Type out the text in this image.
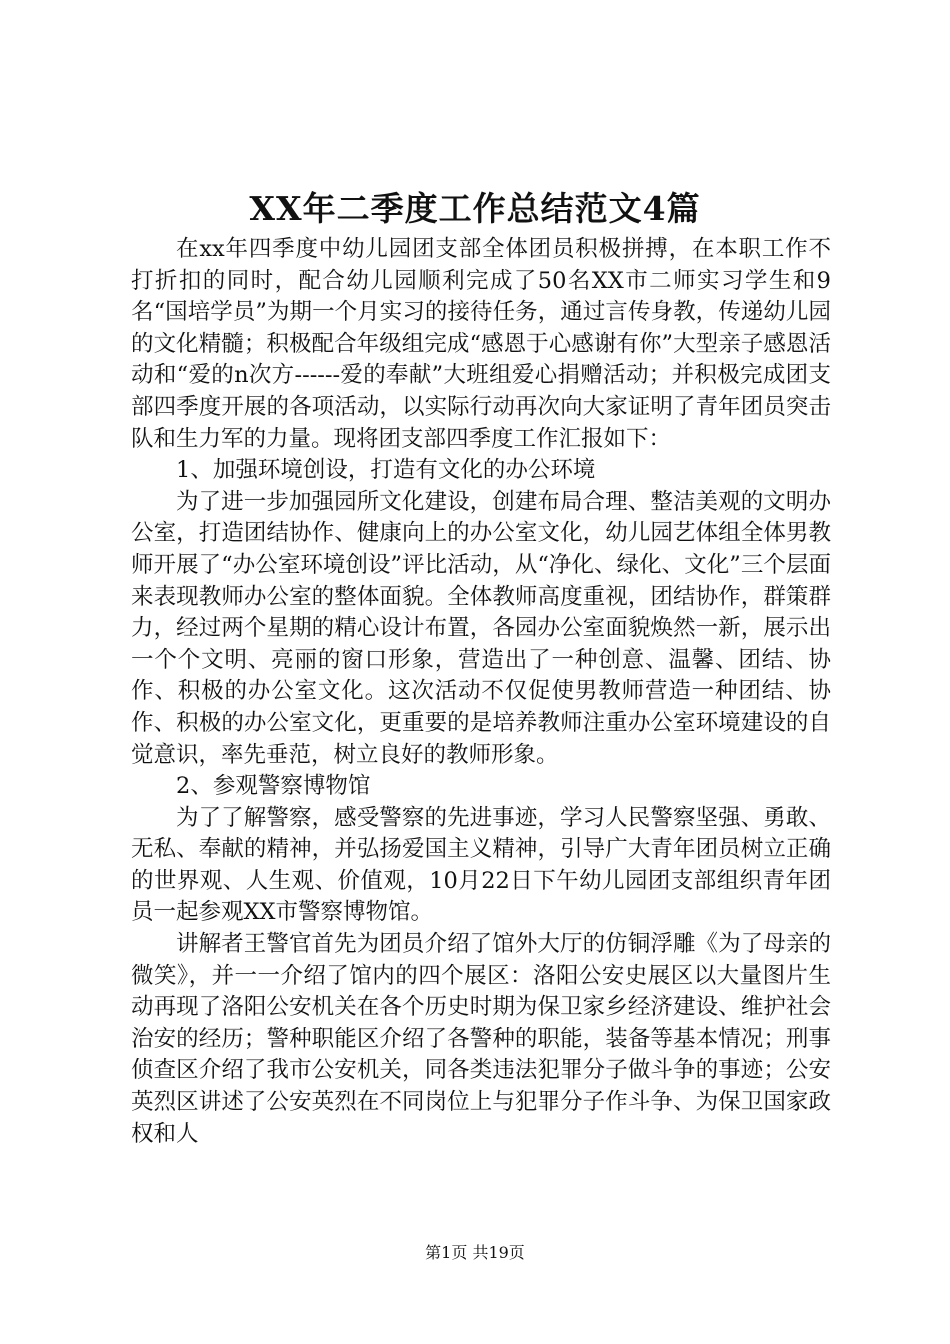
XX年二季度工作总结范文4篇

在xx年四季度中幼儿园团支部全体团员积极拼搏，在本职工作不打折扣的同时，配合幼儿园顺利完成了50名XX市二师实习学生和9名“国培学员”为期一个月实习的接待任务，通过言传身教，传递幼儿园的文化精髓；积极配合年级组完成“感恩于心感谢有你”大型亲子感恩活动和“爱的n次方------爱的奉献”大班组爱心捐赠活动；并积极完成团支部四季度开展的各项活动，以实际行动再次向大家证明了青年团员突击队和生力军的力量。现将团支部四季度工作汇报如下：

1、加强环境创设，打造有文化的办公环境

为了进一步加强园所文化建设，创建布局合理、整洁美观的文明办公室，打造团结协作、健康向上的办公室文化，幼儿园艺体组全体男教师开展了“办公室环境创设”评比活动，从“净化、绿化、文化”三个层面来表现教师办公室的整体面貌。全体教师高度重视，团结协作，群策群力，经过两个星期的精心设计布置，各园办公室面貌焕然一新，展示出一个个文明、亮丽的窗口形象，营造出了一种创意、温馨、团结、协作、积极的办公室文化。这次活动不仅促使男教师营造一种团结、协作、积极的办公室文化，更重要的是培养教师注重办公室环境建设的自觉意识，率先垂范，树立良好的教师形象。

2、参观警察博物馆

为了了解警察，感受警察的先进事迹，学习人民警察坚强、勇敢、无私、奉献的精神，并弘扬爱国主义精神，引导广大青年团员树立正确的世界观、人生观、价值观，10月22日下午幼儿园团支部组织青年团员一起参观XX市警察博物馆。

讲解者王警官首先为团员介绍了馆外大厅的仿铜浮雕《为了母亲的微笑》，并一一介绍了馆内的四个展区：洛阳公安史展区以大量图片生动再现了洛阳公安机关在各个历史时期为保卫家乡经济建设、维护社会治安的经历；警种职能区介绍了各警种的职能，装备等基本情况；刑事侦查区介绍了我市公安机关，同各类违法犯罪分子做斗争的事迹；公安英烈区讲述了公安英烈在不同岗位上与犯罪分子作斗争、为保卫国家政权和人

第1页 共19页
